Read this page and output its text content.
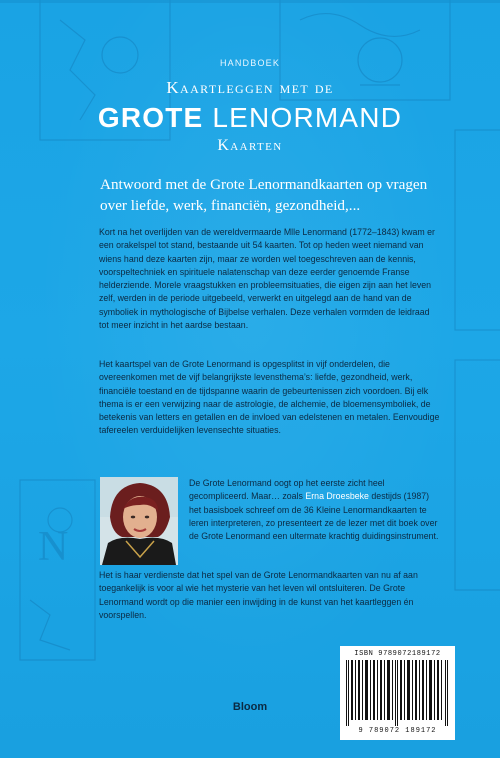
N
HANDBOEK
Kaartleggen met de
GROTE LENORMAND
Kaarten
Antwoord met de Grote Lenormandkaarten op vragen over liefde, werk, financiën, gezondheid,...
Kort na het overlijden van de wereldvermaarde Mlle Lenormand (1772–1843) kwam er een orakelspel tot stand, bestaande uit 54 kaarten. Tot op heden weet niemand van wiens hand deze kaarten zijn, maar ze worden wel toegeschreven aan de kennis, voorspeltechniek en spirituele nalatenschap van deze eerder genoemde Franse helderziende. Morele vraagstukken en probleemsituaties, die eigen zijn aan het leven zelf, werden in de periode uitgebeeld, verwerkt en uitgelegd aan de hand van de symboliek in mythologische of Bijbelse verhalen. Deze verhalen vormden de leidraad tot meer inzicht in het aardse bestaan.
Het kaartspel van de Grote Lenormand is opgesplitst in vijf onderdelen, die overeenkomen met de vijf belangrijkste levensthema’s: liefde, gezondheid, werk, financiële toestand en de tijdspanne waarin de gebeurtenissen zich voordoen. Bij elk thema is er een verwijzing naar de astrologie, de alchemie, de bloemensymboliek, de betekenis van letters en getallen en de invloed van edelstenen en metalen. Eenvoudige tafereelen verduidelijken levensechte situaties.
De Grote Lenormand oogt op het eerste zicht heel gecompliceerd. Maar… zoals Erna Droesbeke destijds (1987) het basisboek schreef om de 36 Kleine Lenormandkaarten te leren interpreteren, zo presenteert ze de lezer met dit boek over de Grote Lenormand een ultermate krachtig duidingsinstrument.
Het is haar verdienste dat het spel van de Grote Lenormandkaarten van nu af aan toegankelijk is voor al wie het mysterie van het leven wil ontsluiteren. De Grote Lenormand wordt op die manier een inwijding in de kunst van het kaartleggen én voorspellen.
ISBN 9789072189172
9 789072 189172
Bloom
